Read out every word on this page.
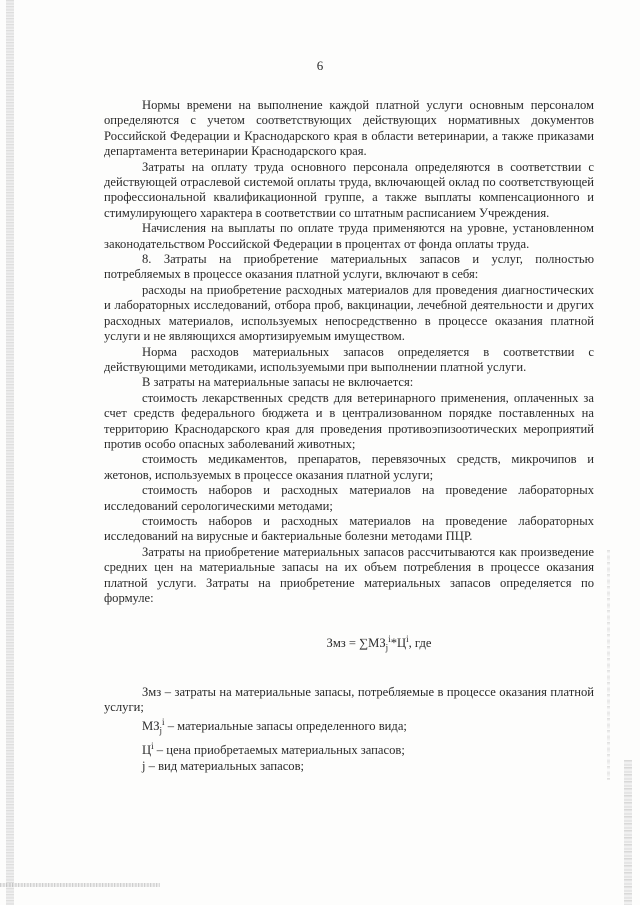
6

Нормы времени на выполнение каждой платной услуги основным персоналом определяются с учетом соответствующих действующих нормативных документов Российской Федерации и Краснодарского края в области ветеринарии, а также приказами департамента ветеринарии Краснодарского края.

Затраты на оплату труда основного персонала определяются в соответствии с действующей отраслевой системой оплаты труда, включающей оклад по соответствующей профессиональной квалификационной группе, а также выплаты компенсационного и стимулирующего характера в соответствии со штатным расписанием Учреждения.

Начисления на выплаты по оплате труда применяются на уровне, установленном законодательством Российской Федерации в процентах от фонда оплаты труда.

8. Затраты на приобретение материальных запасов и услуг, полностью потребляемых в процессе оказания платной услуги, включают в себя:

расходы на приобретение расходных материалов для проведения диагностических и лабораторных исследований, отбора проб, вакцинации, лечебной деятельности и других расходных материалов, используемых непосредственно в процессе оказания платной услуги и не являющихся амортизируемым имуществом.

Норма расходов материальных запасов определяется в соответствии с действующими методиками, используемыми при выполнении платной услуги.

В затраты на материальные запасы не включается:

стоимость лекарственных средств для ветеринарного применения, оплаченных за счет средств федерального бюджета и в централизованном порядке поставленных на территорию Краснодарского края для проведения противоэпизоотических мероприятий против особо опасных заболеваний животных;

стоимость медикаментов, препаратов, перевязочных средств, микрочипов и жетонов, используемых в процессе оказания платной услуги;

стоимость наборов и расходных материалов на проведение лабораторных исследований серологическими методами;

стоимость наборов и расходных материалов на проведение лабораторных исследований на вирусные и бактериальные болезни методами ПЦР.

Затраты на приобретение материальных запасов рассчитываются как произведение средних цен на материальные запасы на их объем потребления в процессе оказания платной услуги. Затраты на приобретение материальных запасов определяется по формуле:

Змз = $\sum МЗ_j^i*Ц^i$, где

Змз – затраты на материальные запасы, потребляемые в процессе оказания платной услуги;

$МЗ_j^i$ – материальные запасы определенного вида;

$Ц^i$ – цена приобретаемых материальных запасов;

j – вид материальных запасов;
